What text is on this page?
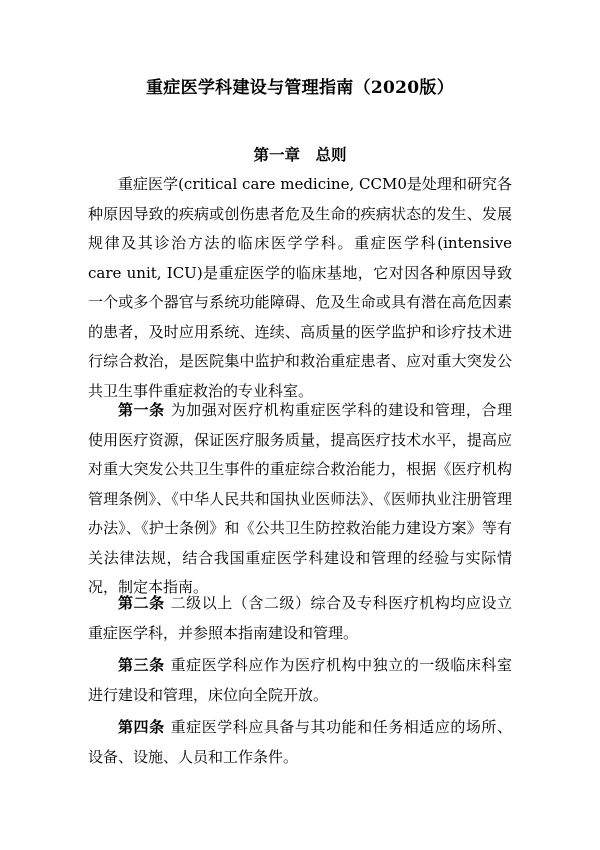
重症医学科建设与管理指南（2020版）
第一章　总则

重症医学(critical care medicine, CCM0是处理和研究各种原因导致的疾病或创伤患者危及生命的疾病状态的发生、发展规律及其诊治方法的临床医学学科。重症医学科(intensive care unit, ICU)是重症医学的临床基地，它对因各种原因导致一个或多个器官与系统功能障碍、危及生命或具有潜在高危因素的患者，及时应用系统、连续、高质量的医学监护和诊疗技术进行综合救治，是医院集中监护和救治重症患者、应对重大突发公共卫生事件重症救治的专业科室。

第一条 为加强对医疗机构重症医学科的建设和管理，合理使用医疗资源，保证医疗服务质量，提高医疗技术水平，提高应对重大突发公共卫生事件的重症综合救治能力，根据《医疗机构管理条例》、《中华人民共和国执业医师法》、《医师执业注册管理办法》、《护士条例》和《公共卫生防控救治能力建设方案》等有关法律法规，结合我国重症医学科建设和管理的经验与实际情况，制定本指南。

第二条 二级以上（含二级）综合及专科医疗机构均应设立重症医学科，并参照本指南建设和管理。

第三条 重症医学科应作为医疗机构中独立的一级临床科室进行建设和管理，床位向全院开放。

第四条 重症医学科应具备与其功能和任务相适应的场所、设备、设施、人员和工作条件。
